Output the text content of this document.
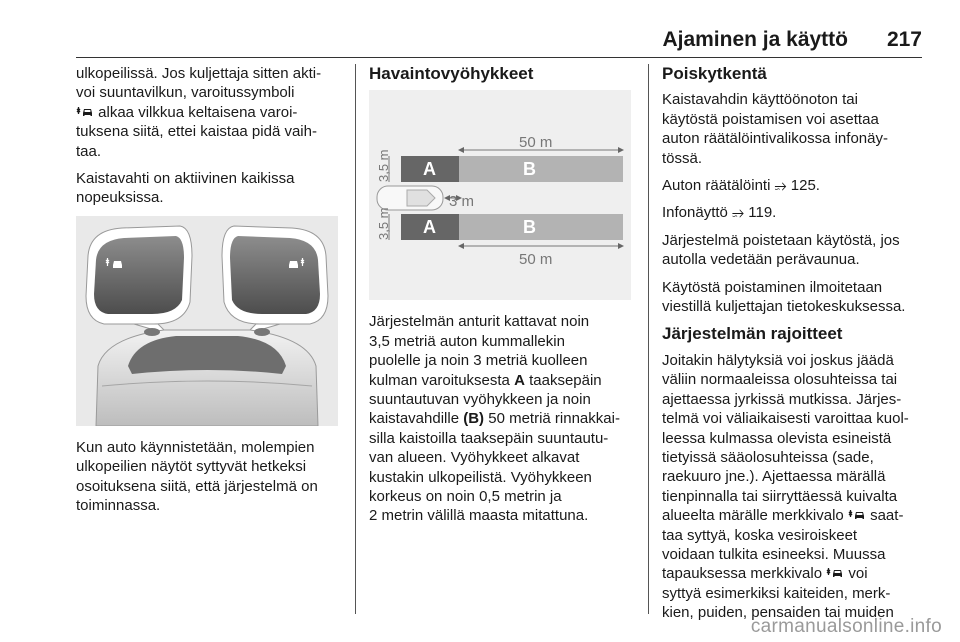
Ajaminen ja käyttö 217

ulkopeilissä. Jos kuljettaja sitten akti-
voi suuntavilkun, varoitussymboli
alkaa vilkkua keltaisena varoi-
tuksena siitä, ettei kaistaa pidä vaih-
taa.

Kaistavahti on aktiivinen kaikissa
nopeuksissa.

Kun auto käynnistetään, molempien
ulkopeilien näytöt syttyvät hetkeksi
osoituksena siitä, että järjestelmä on
toiminnassa.

Havaintovyöhykkeet
50 m
A	B
3,5 m
3 m
A	B
3,5 m
50 m

Järjestelmän anturit kattavat noin
3,5 metriä auton kummallekin
puolelle ja noin 3 metriä kuolleen
kulman varoituksesta A taaksepäin
suuntautuvan vyöhykkeen ja noin
kaistavahdille (B) 50 metriä rinnakkai-
silla kaistoilla taaksepäin suuntautu-
van alueen. Vyöhykkeet alkavat
kustakin ulkopeilistä. Vyöhykkeen
korkeus on noin 0,5 metrin ja
2 metrin välillä maasta mitattuna.

Poiskytkentä

Kaistavahdin käyttöönoton tai
käytöstä poistamisen voi asettaa
auton räätälöintivalikossa infonäy-
tössä.

Auton räätälöinti ⭌ 125.

Infonäyttö ⭌ 119.

Järjestelmä poistetaan käytöstä, jos
autolla vedetään perävaunua.

Käytöstä poistaminen ilmoitetaan
viestillä kuljettajan tietokeskuksessa.

Järjestelmän rajoitteet

Joitakin hälytyksiä voi joskus jäädä
väliin normaaleissa olosuhteissa tai
ajettaessa jyrkissä mutkissa. Järjes-
telmä voi väliaikaisesti varoittaa kuol-
leessa kulmassa olevista esineistä
tietyissä sääolosuhteissa (sade,
raekuuro jne.). Ajettaessa märällä
tienpinnalla tai siirryttäessä kuivalta
alueelta märälle merkkivalo  saat-
taa syttyä, koska vesiroiskeet
voidaan tulkita esineeksi. Muussa
tapauksessa merkkivalo  voi
syttyä esimerkiksi kaiteiden, merk-
kien, puiden, pensaiden tai muiden

carmanualsonline.info
